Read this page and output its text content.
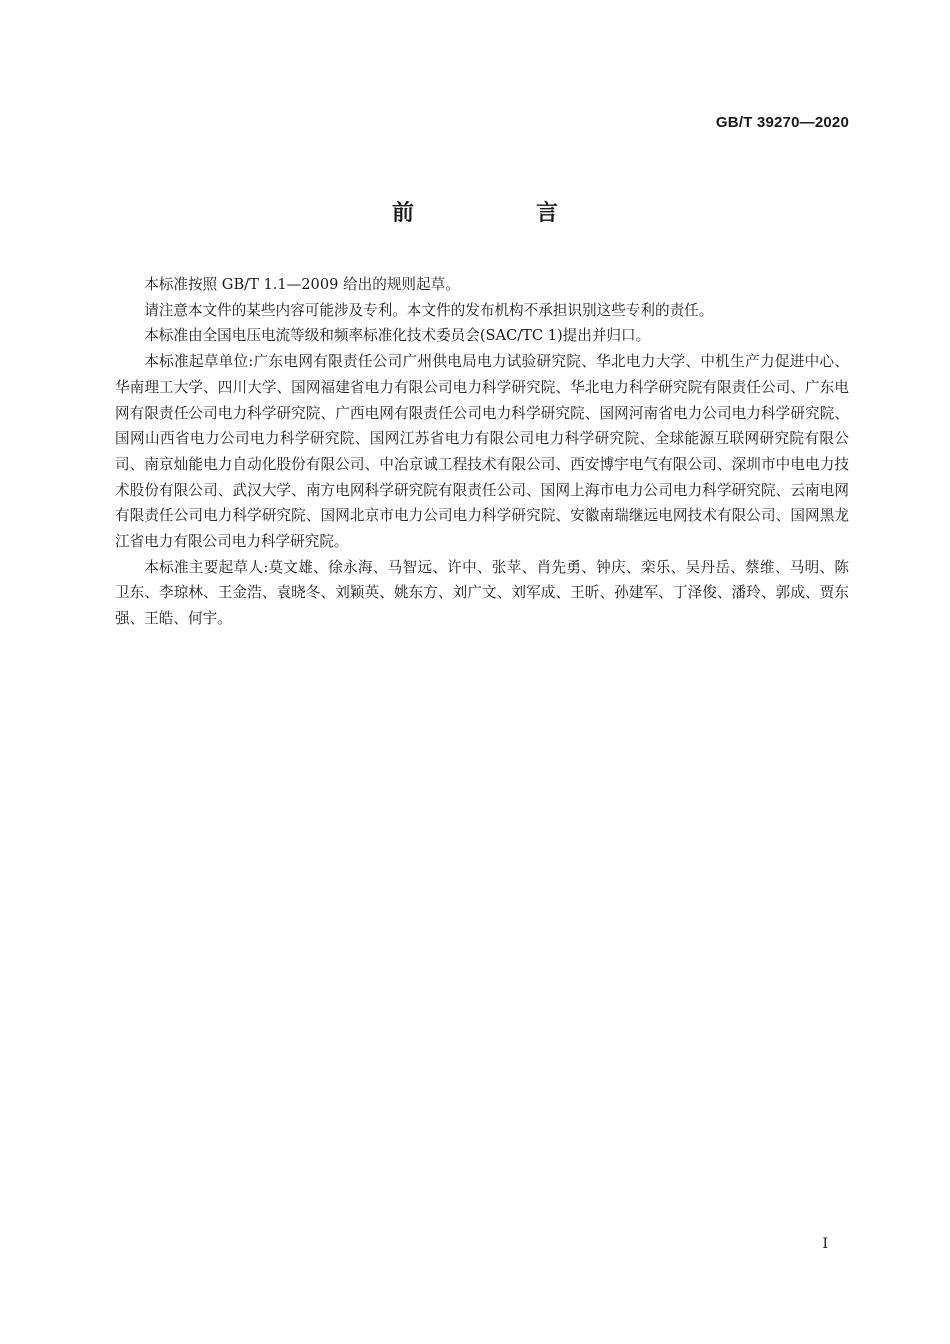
GB/T 39270—2020
前　言

本标准按照 GB/T 1.1—2009 给出的规则起草。

请注意本文件的某些内容可能涉及专利。本文件的发布机构不承担识别这些专利的责任。

本标准由全国电压电流等级和频率标准化技术委员会(SAC/TC 1)提出并归口。

本标准起草单位:广东电网有限责任公司广州供电局电力试验研究院、华北电力大学、中机生产力促进中心、华南理工大学、四川大学、国网福建省电力有限公司电力科学研究院、华北电力科学研究院有限责任公司、广东电网有限责任公司电力科学研究院、广西电网有限责任公司电力科学研究院、国网河南省电力公司电力科学研究院、国网山西省电力公司电力科学研究院、国网江苏省电力有限公司电力科学研究院、全球能源互联网研究院有限公司、南京灿能电力自动化股份有限公司、中冶京诚工程技术有限公司、西安博宇电气有限公司、深圳市中电电力技术股份有限公司、武汉大学、南方电网科学研究院有限责任公司、国网上海市电力公司电力科学研究院、云南电网有限责任公司电力科学研究院、国网北京市电力公司电力科学研究院、安徽南瑞继远电网技术有限公司、国网黑龙江省电力有限公司电力科学研究院。

本标准主要起草人:莫文雄、徐永海、马智远、许中、张苹、肖先勇、钟庆、栾乐、吴丹岳、蔡维、马明、陈卫东、李琼林、王金浩、袁晓冬、刘颖英、姚东方、刘广文、刘军成、王昕、孙建军、丁泽俊、潘玲、郭成、贾东强、王皓、何宇。

I
